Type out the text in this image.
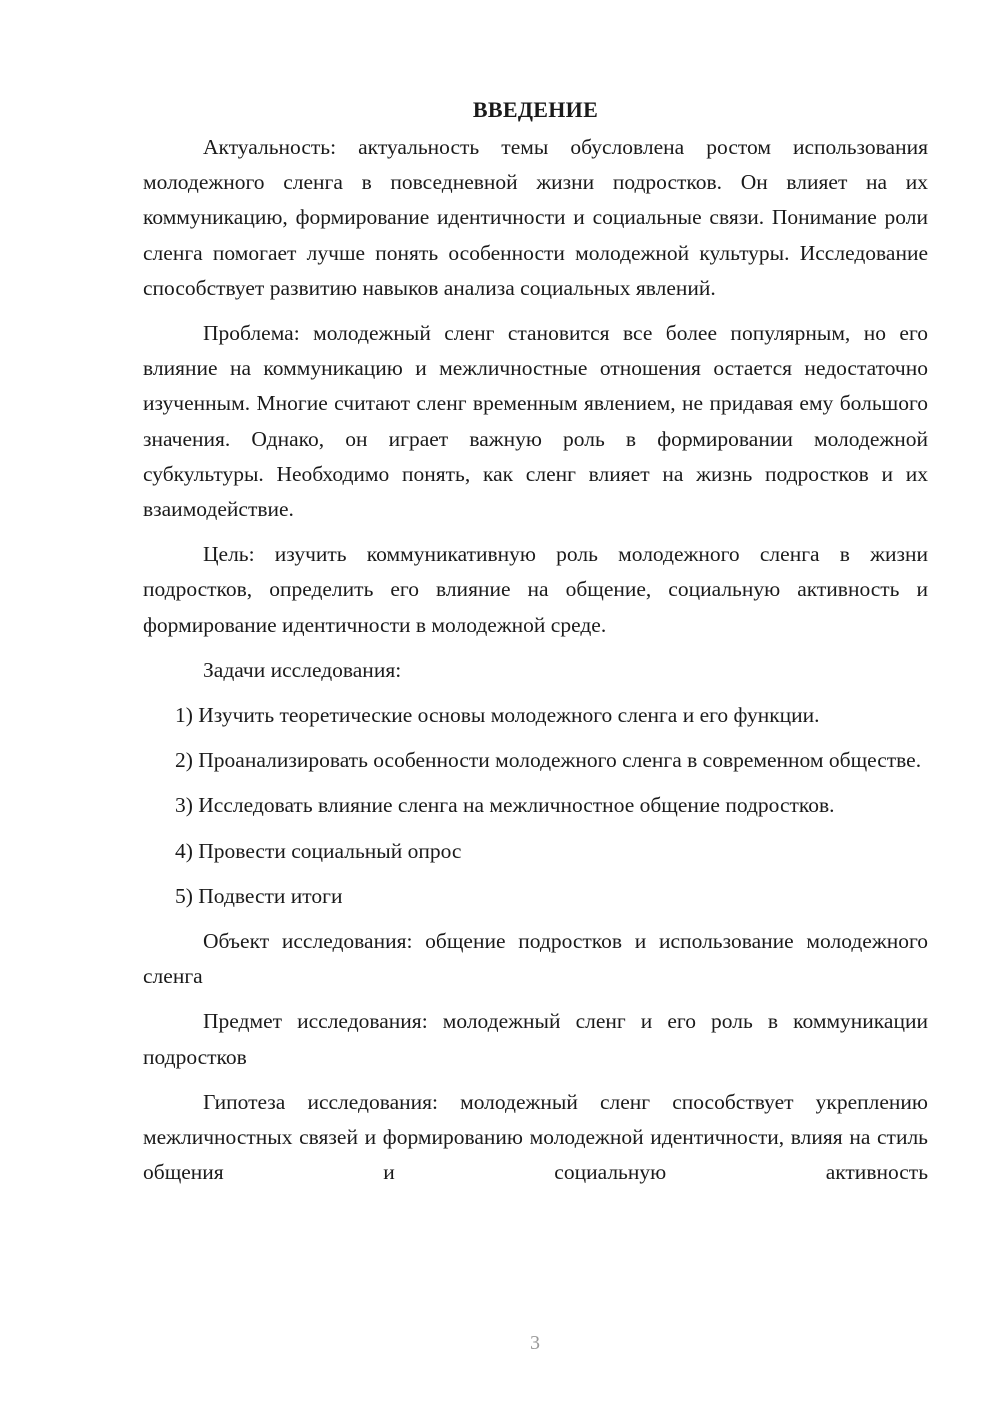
ВВЕДЕНИЕ

Актуальность: актуальность темы обусловлена ростом использования молодежного сленга в повседневной жизни подростков. Он влияет на их коммуникацию, формирование идентичности и социальные связи. Понимание роли сленга помогает лучше понять особенности молодежной культуры. Исследование способствует развитию навыков анализа социальных явлений.

Проблема: молодежный сленг становится все более популярным, но его влияние на коммуникацию и межличностные отношения остается недостаточно изученным. Многие считают сленг временным явлением, не придавая ему большого значения. Однако, он играет важную роль в формировании молодежной субкультуры. Необходимо понять, как сленг влияет на жизнь подростков и их взаимодействие.

Цель: изучить коммуникативную роль молодежного сленга в жизни подростков, определить его влияние на общение, социальную активность и формирование идентичности в молодежной среде.

Задачи исследования:

1) Изучить теоретические основы молодежного сленга и его функции.

2) Проанализировать особенности молодежного сленга в современном обществе.

3) Исследовать влияние сленга на межличностное общение подростков.

4) Провести социальный опрос

5) Подвести итоги

Объект исследования: общение подростков и использование молодежного сленга

Предмет исследования: молодежный сленг и его роль в коммуникации подростков

Гипотеза исследования: молодежный сленг способствует укреплению межличностных связей и формированию молодежной идентичности, влияя на стиль общения и социальную активность

3
